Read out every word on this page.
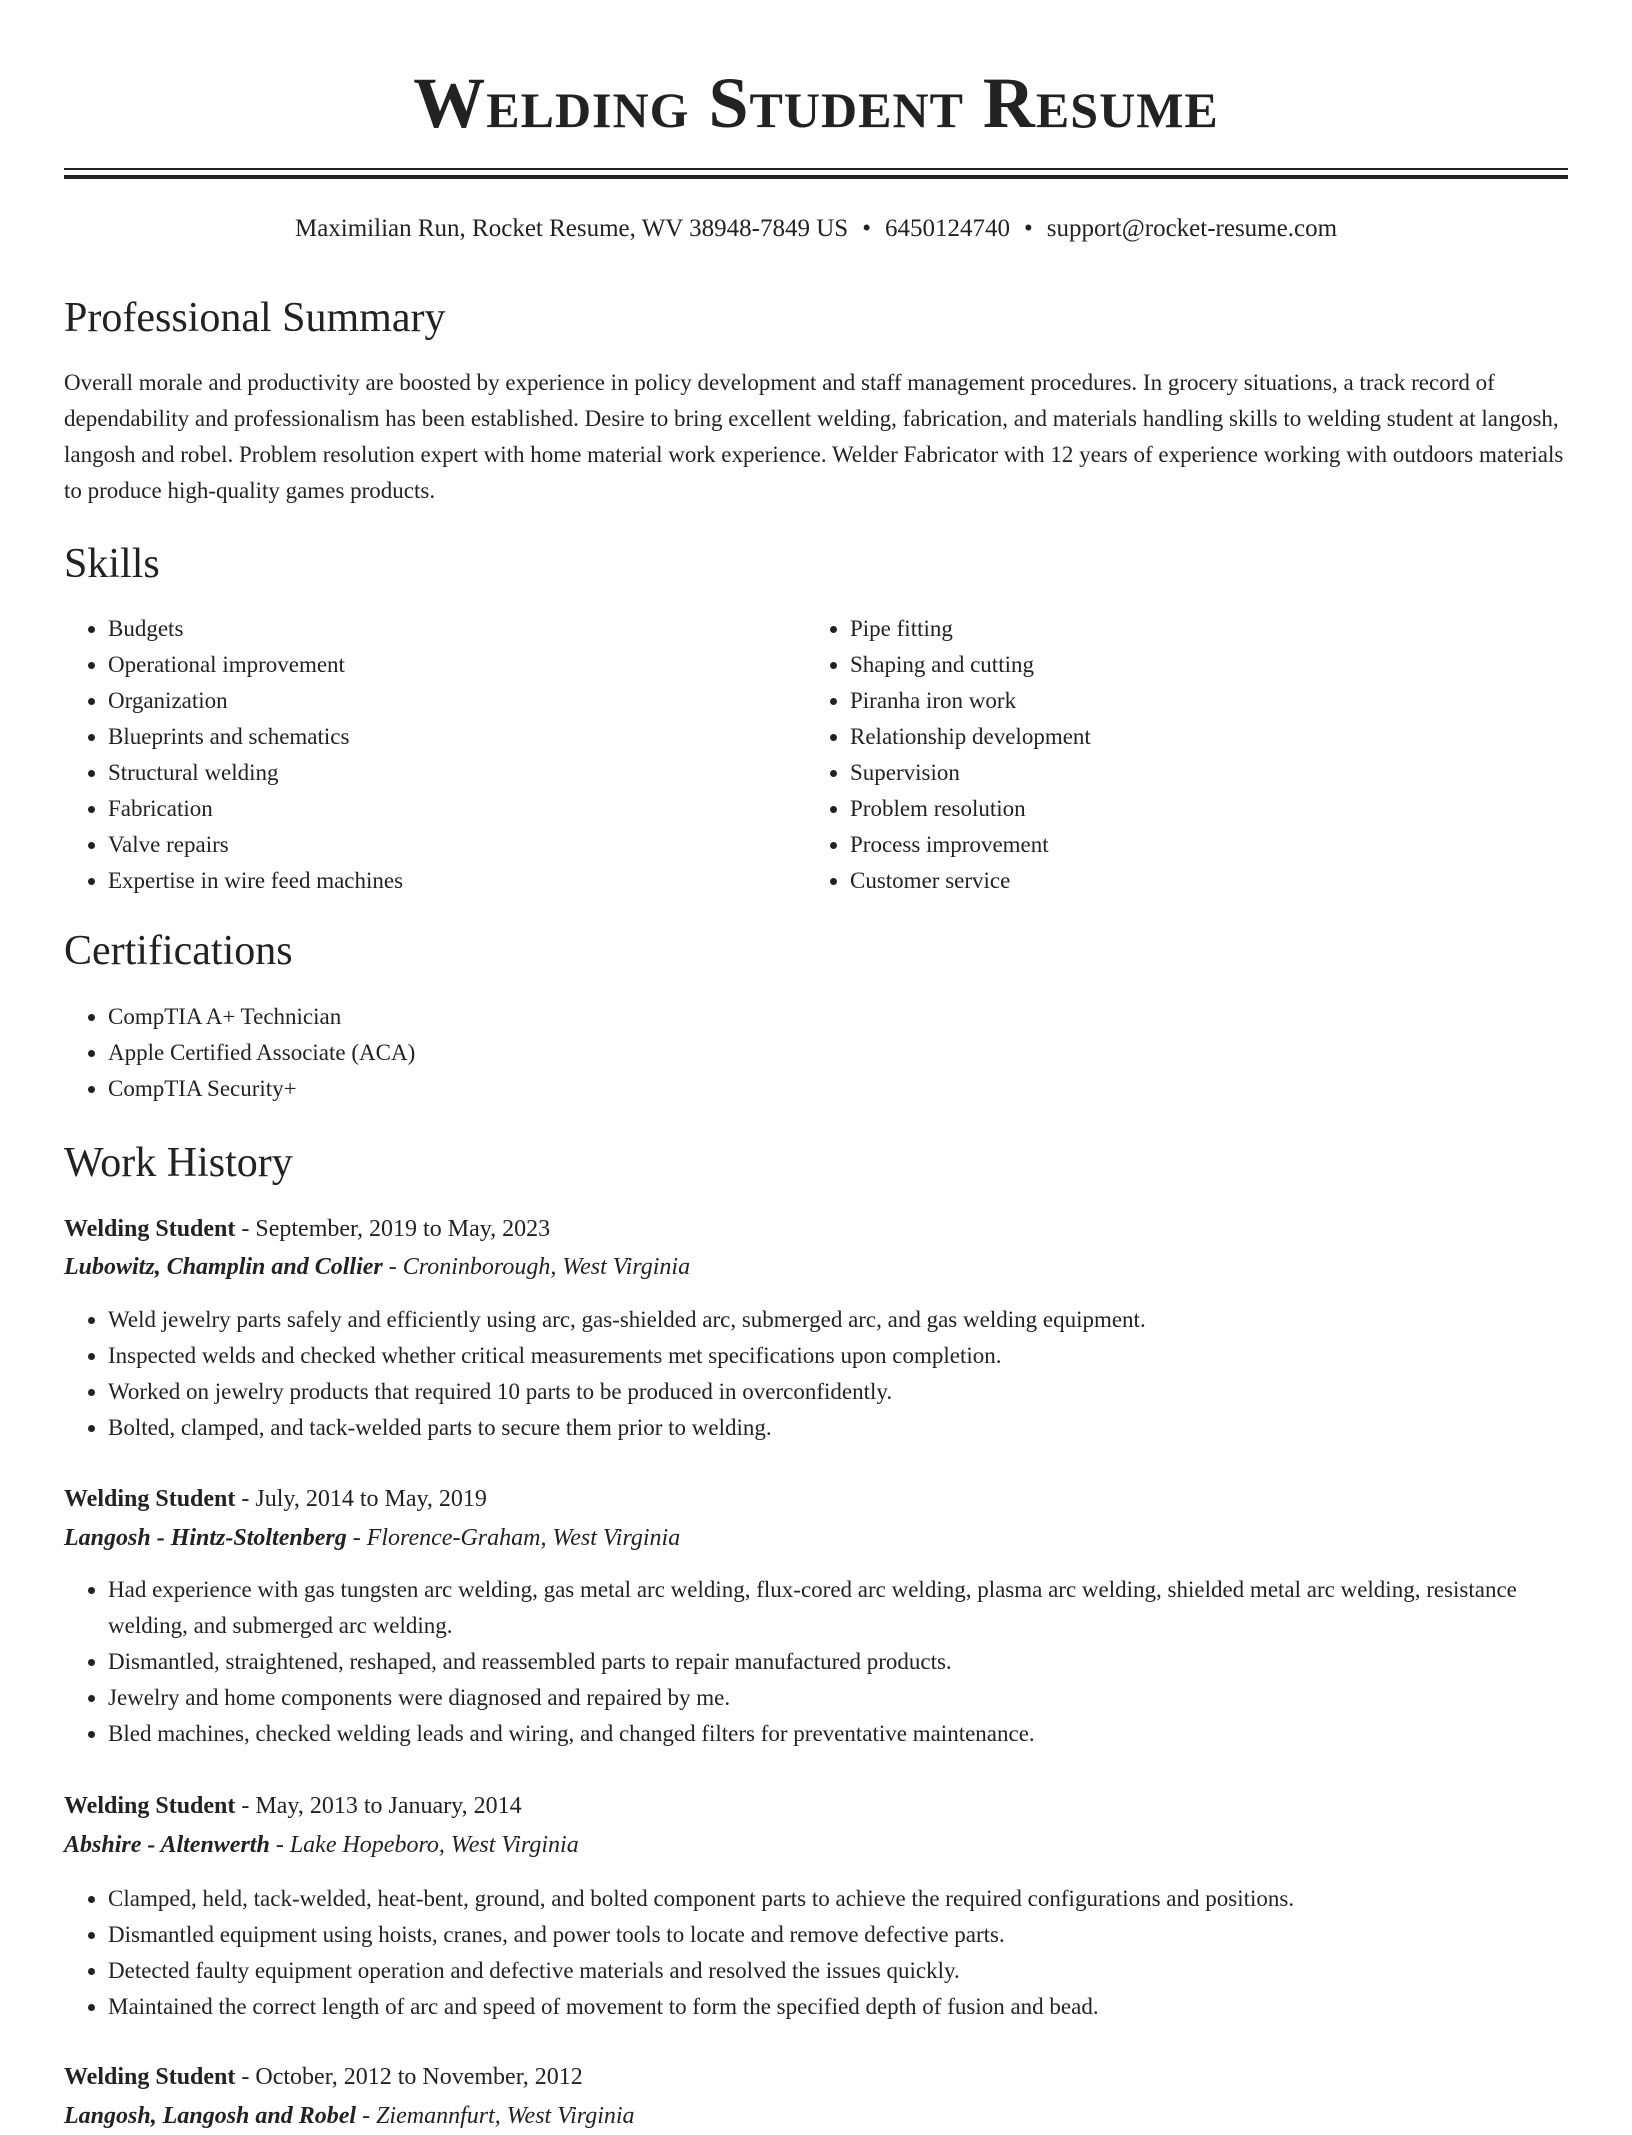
Welding Student Resume
Maximilian Run, Rocket Resume, WV 38948-7849 US • 6450124740 • support@rocket-resume.com
Professional Summary

Overall morale and productivity are boosted by experience in policy development and staff management procedures. In grocery situations, a track record of dependability and professionalism has been established. Desire to bring excellent welding, fabrication, and materials handling skills to welding student at langosh, langosh and robel. Problem resolution expert with home material work experience. Welder Fabricator with 12 years of experience working with outdoors materials to produce high-quality games products.

Skills
• Budgets
• Operational improvement
• Organization
• Blueprints and schematics
• Structural welding
• Fabrication
• Valve repairs
• Expertise in wire feed machines
• Pipe fitting
• Shaping and cutting
• Piranha iron work
• Relationship development
• Supervision
• Problem resolution
• Process improvement
• Customer service
Certifications
• CompTIA A+ Technician
• Apple Certified Associate (ACA)
• CompTIA Security+
Work History
Welding Student - September, 2019 to May, 2023
Lubowitz, Champlin and Collier - Croninborough, West Virginia
• Weld jewelry parts safely and efficiently using arc, gas-shielded arc, submerged arc, and gas welding equipment.
• Inspected welds and checked whether critical measurements met specifications upon completion.
• Worked on jewelry products that required 10 parts to be produced in overconfidently.
• Bolted, clamped, and tack-welded parts to secure them prior to welding.
Welding Student - July, 2014 to May, 2019
Langosh - Hintz-Stoltenberg - Florence-Graham, West Virginia
• Had experience with gas tungsten arc welding, gas metal arc welding, flux-cored arc welding, plasma arc welding, shielded metal arc welding, resistance welding, and submerged arc welding.
• Dismantled, straightened, reshaped, and reassembled parts to repair manufactured products.
• Jewelry and home components were diagnosed and repaired by me.
• Bled machines, checked welding leads and wiring, and changed filters for preventative maintenance.
Welding Student - May, 2013 to January, 2014
Abshire - Altenwerth - Lake Hopeboro, West Virginia
• Clamped, held, tack-welded, heat-bent, ground, and bolted component parts to achieve the required configurations and positions.
• Dismantled equipment using hoists, cranes, and power tools to locate and remove defective parts.
• Detected faulty equipment operation and defective materials and resolved the issues quickly.
• Maintained the correct length of arc and speed of movement to form the specified depth of fusion and bead.
Welding Student - October, 2012 to November, 2012
Langosh, Langosh and Robel - Ziemannfurt, West Virginia
